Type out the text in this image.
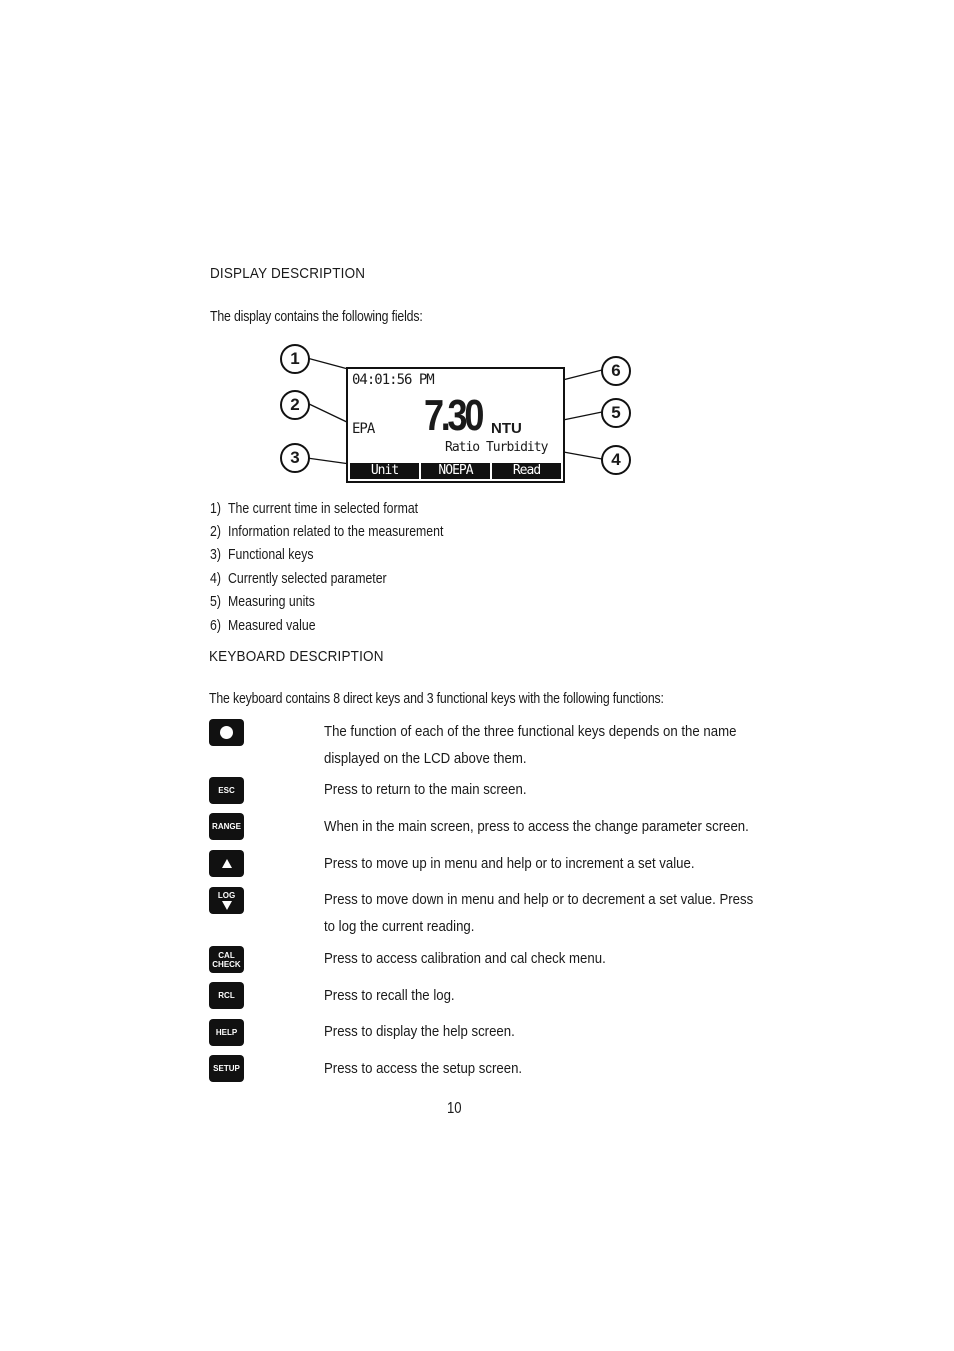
DISPLAY DESCRIPTION
The display contains the following fields:
04:01:56 PM
EPA 7.30 NTU
Ratio Turbidity
Unit	NOEPA	Read
1
2
3	4
5
6
1) The current time in selected format
2) Information related to the measurement
3) Functional keys
4) Currently selected parameter
5) Measuring units
6) Measured value
KEYBOARD DESCRIPTION
The keyboard contains 8 direct keys and 3 functional keys with the following functions:
The function of each of the three functional keys depends on the name
displayed on the LCD above them.
ESC	Press to return to the main screen.
RANGE	When in the main screen, press to access the change parameter screen.
Press to move up in menu and help or to increment a set value.
LOG	Press to move down in menu and help or to decrement a set value. Press
to log the current reading.
CAL
CHECK	Press to access calibration and cal check menu.
RCL	Press to recall the log.
HELP	Press to display the help screen.
SETUP	Press to access the setup screen.
10
